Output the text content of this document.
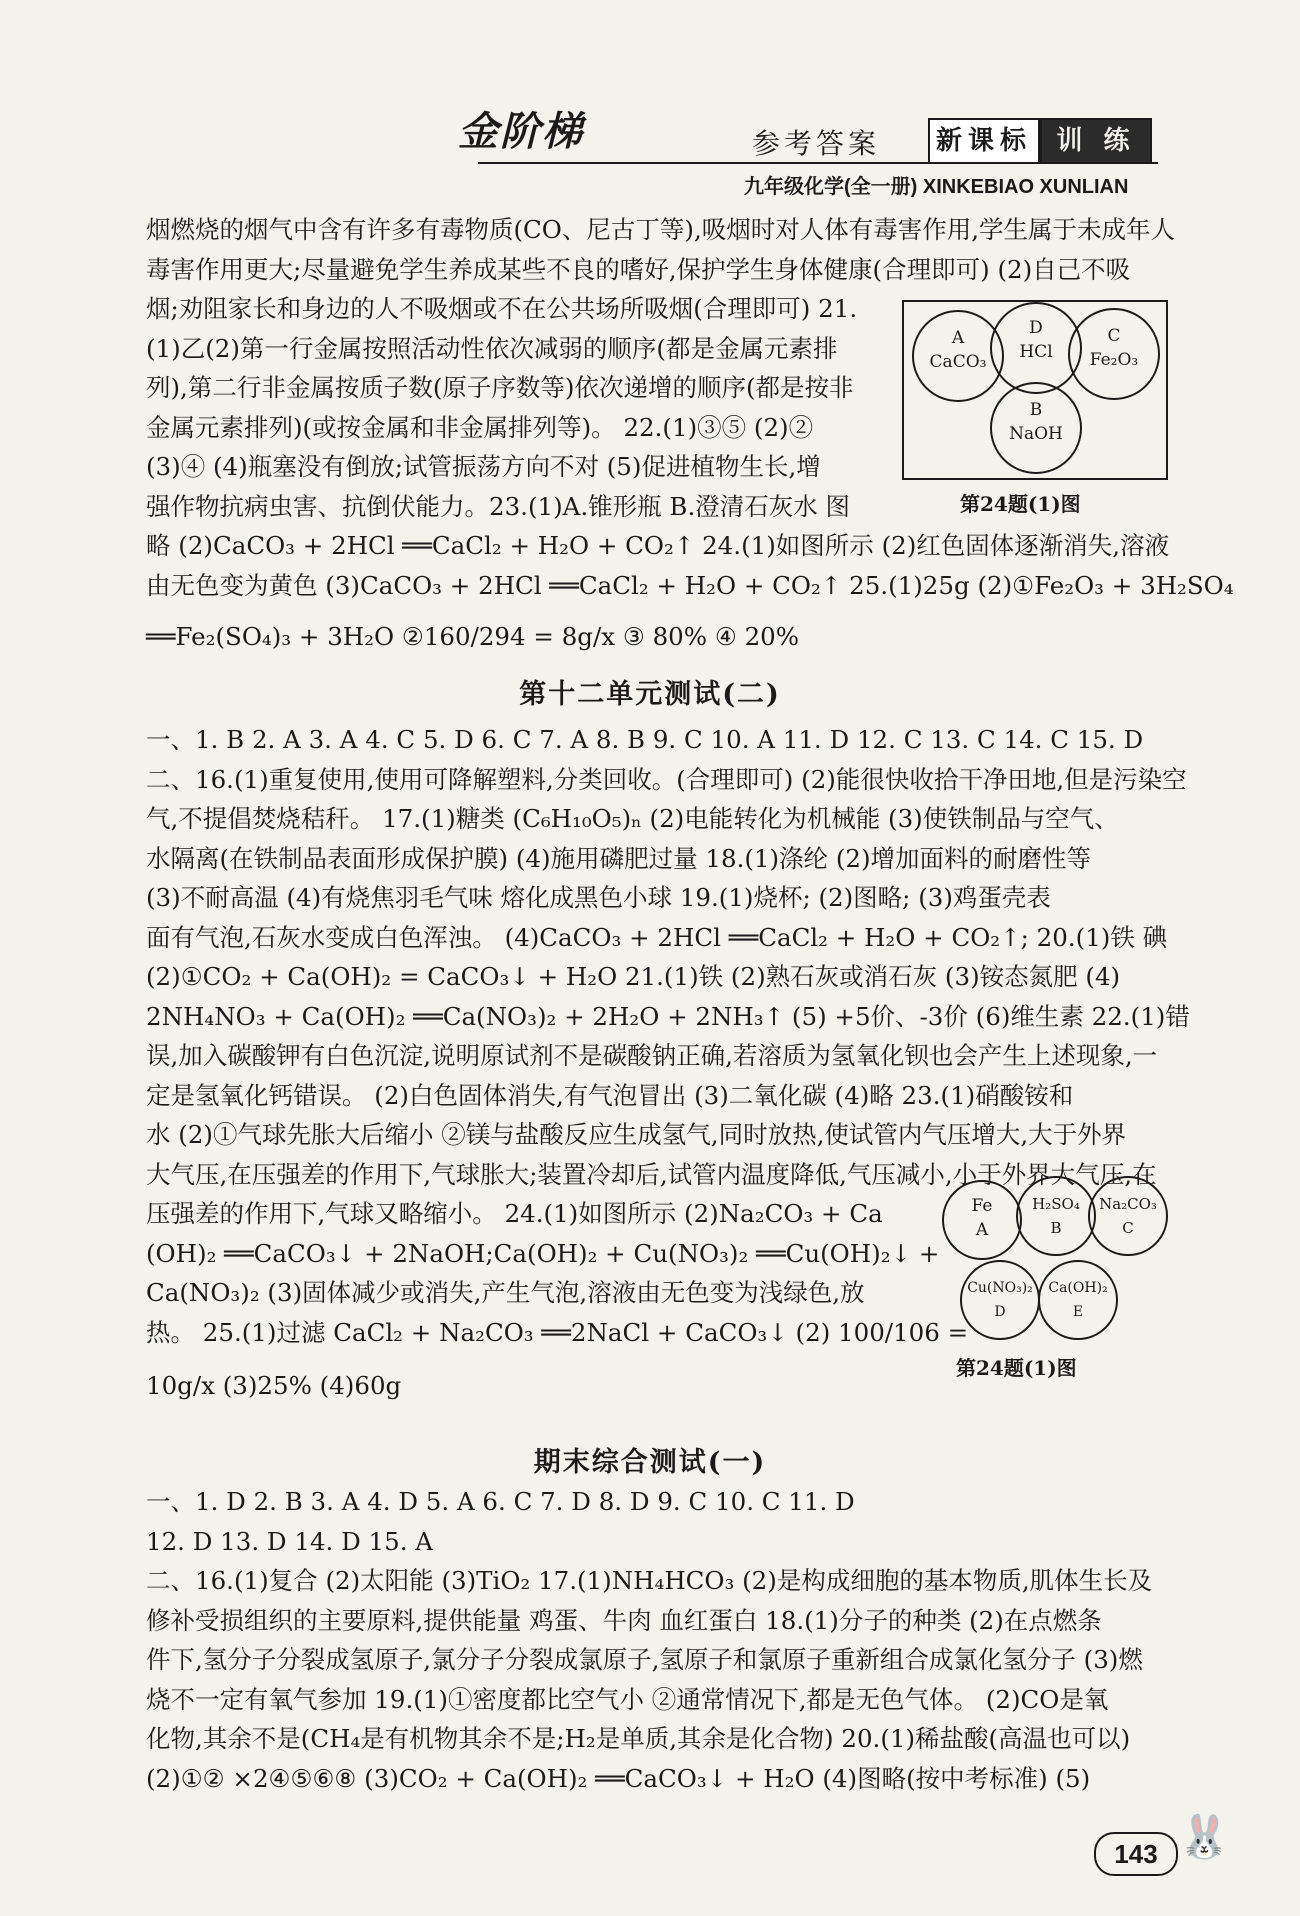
金阶梯	参考答案	新课标 训 练
九年级化学(全一册) XINKEBIAO XUNLIAN
烟燃烧的烟气中含有许多有毒物质(CO、尼古丁等),吸烟时对人体有毒害作用,学生属于未成年人
毒害作用更大;尽量避免学生养成某些不良的嗜好,保护学生身体健康(合理即可) (2)自己不吸
烟;劝阻家长和身边的人不吸烟或不在公共场所吸烟(合理即可) 21.
(1)乙(2)第一行金属按照活动性依次减弱的顺序(都是金属元素排
列),第二行非金属按质子数(原子序数等)依次递增的顺序(都是按非
金属元素排列)(或按金属和非金属排列等)。 22.(1)③⑤ (2)②
(3)④ (4)瓶塞没有倒放;试管振荡方向不对 (5)促进植物生长,增
强作物抗病虫害、抗倒伏能力。23.(1)A.锥形瓶 B.澄清石灰水 图
略 (2)CaCO₃ + 2HCl ══CaCl₂ + H₂O + CO₂↑ 24.(1)如图所示 (2)红色固体逐渐消失,溶液
由无色变为黄色 (3)CaCO₃ + 2HCl ══CaCl₂ + H₂O + CO₂↑ 25.(1)25g (2)①Fe₂O₃ + 3H₂SO₄
══Fe₂(SO₄)₃ + 3H₂O ②160/294 = 8g/x ③ 80% ④ 20%
A
CaCO₃
D
HCl
C
Fe₂O₃
B
NaOH
第24题(1)图
第十二单元测试(二)
一、1. B 2. A 3. A 4. C 5. D 6. C 7. A 8. B 9. C 10. A 11. D 12. C 13. C 14. C 15. D
二、16.(1)重复使用,使用可降解塑料,分类回收。(合理即可) (2)能很快收拾干净田地,但是污染空
气,不提倡焚烧秸秆。 17.(1)糖类 (C₆H₁₀O₅)ₙ (2)电能转化为机械能 (3)使铁制品与空气、
水隔离(在铁制品表面形成保护膜) (4)施用磷肥过量 18.(1)涤纶 (2)增加面料的耐磨性等
(3)不耐高温 (4)有烧焦羽毛气味 熔化成黑色小球 19.(1)烧杯; (2)图略; (3)鸡蛋壳表
面有气泡,石灰水变成白色浑浊。 (4)CaCO₃ + 2HCl ══CaCl₂ + H₂O + CO₂↑; 20.(1)铁 碘
(2)①CO₂ + Ca(OH)₂ = CaCO₃↓ + H₂O 21.(1)铁 (2)熟石灰或消石灰 (3)铵态氮肥 (4)
2NH₄NO₃ + Ca(OH)₂ ══Ca(NO₃)₂ + 2H₂O + 2NH₃↑ (5) +5价、-3价 (6)维生素 22.(1)错
误,加入碳酸钾有白色沉淀,说明原试剂不是碳酸钠正确,若溶质为氢氧化钡也会产生上述现象,一
定是氢氧化钙错误。 (2)白色固体消失,有气泡冒出 (3)二氧化碳 (4)略 23.(1)硝酸铵和
水 (2)①气球先胀大后缩小 ②镁与盐酸反应生成氢气,同时放热,使试管内气压增大,大于外界
大气压,在压强差的作用下,气球胀大;装置冷却后,试管内温度降低,气压减小,小于外界大气压,在
压强差的作用下,气球又略缩小。 24.(1)如图所示 (2)Na₂CO₃ + Ca
(OH)₂ ══CaCO₃↓ + 2NaOH;Ca(OH)₂ + Cu(NO₃)₂ ══Cu(OH)₂↓ +
Ca(NO₃)₂ (3)固体减少或消失,产生气泡,溶液由无色变为浅绿色,放
热。 25.(1)过滤 CaCl₂ + Na₂CO₃ ══2NaCl + CaCO₃↓ (2) 100/106 =
10g/x (3)25% (4)60g
Fe
A
H₂SO₄
B
Na₂CO₃
C
Cu(NO₃)₂
D
Ca(OH)₂
E
第24题(1)图
期末综合测试(一)
一、1. D 2. B 3. A 4. D 5. A 6. C 7. D 8. D 9. C 10. C 11. D
12. D 13. D 14. D 15. A
二、16.(1)复合 (2)太阳能 (3)TiO₂ 17.(1)NH₄HCO₃ (2)是构成细胞的基本物质,肌体生长及
修补受损组织的主要原料,提供能量 鸡蛋、牛肉 血红蛋白 18.(1)分子的种类 (2)在点燃条
件下,氢分子分裂成氢原子,氯分子分裂成氯原子,氢原子和氯原子重新组合成氯化氢分子 (3)燃
烧不一定有氧气参加 19.(1)①密度都比空气小 ②通常情况下,都是无色气体。 (2)CO是氧
化物,其余不是(CH₄是有机物其余不是;H₂是单质,其余是化合物) 20.(1)稀盐酸(高温也可以)
(2)①② ×2④⑤⑥⑧ (3)CO₂ + Ca(OH)₂ ══CaCO₃↓ + H₂O (4)图略(按中考标准) (5)
143 🐰
